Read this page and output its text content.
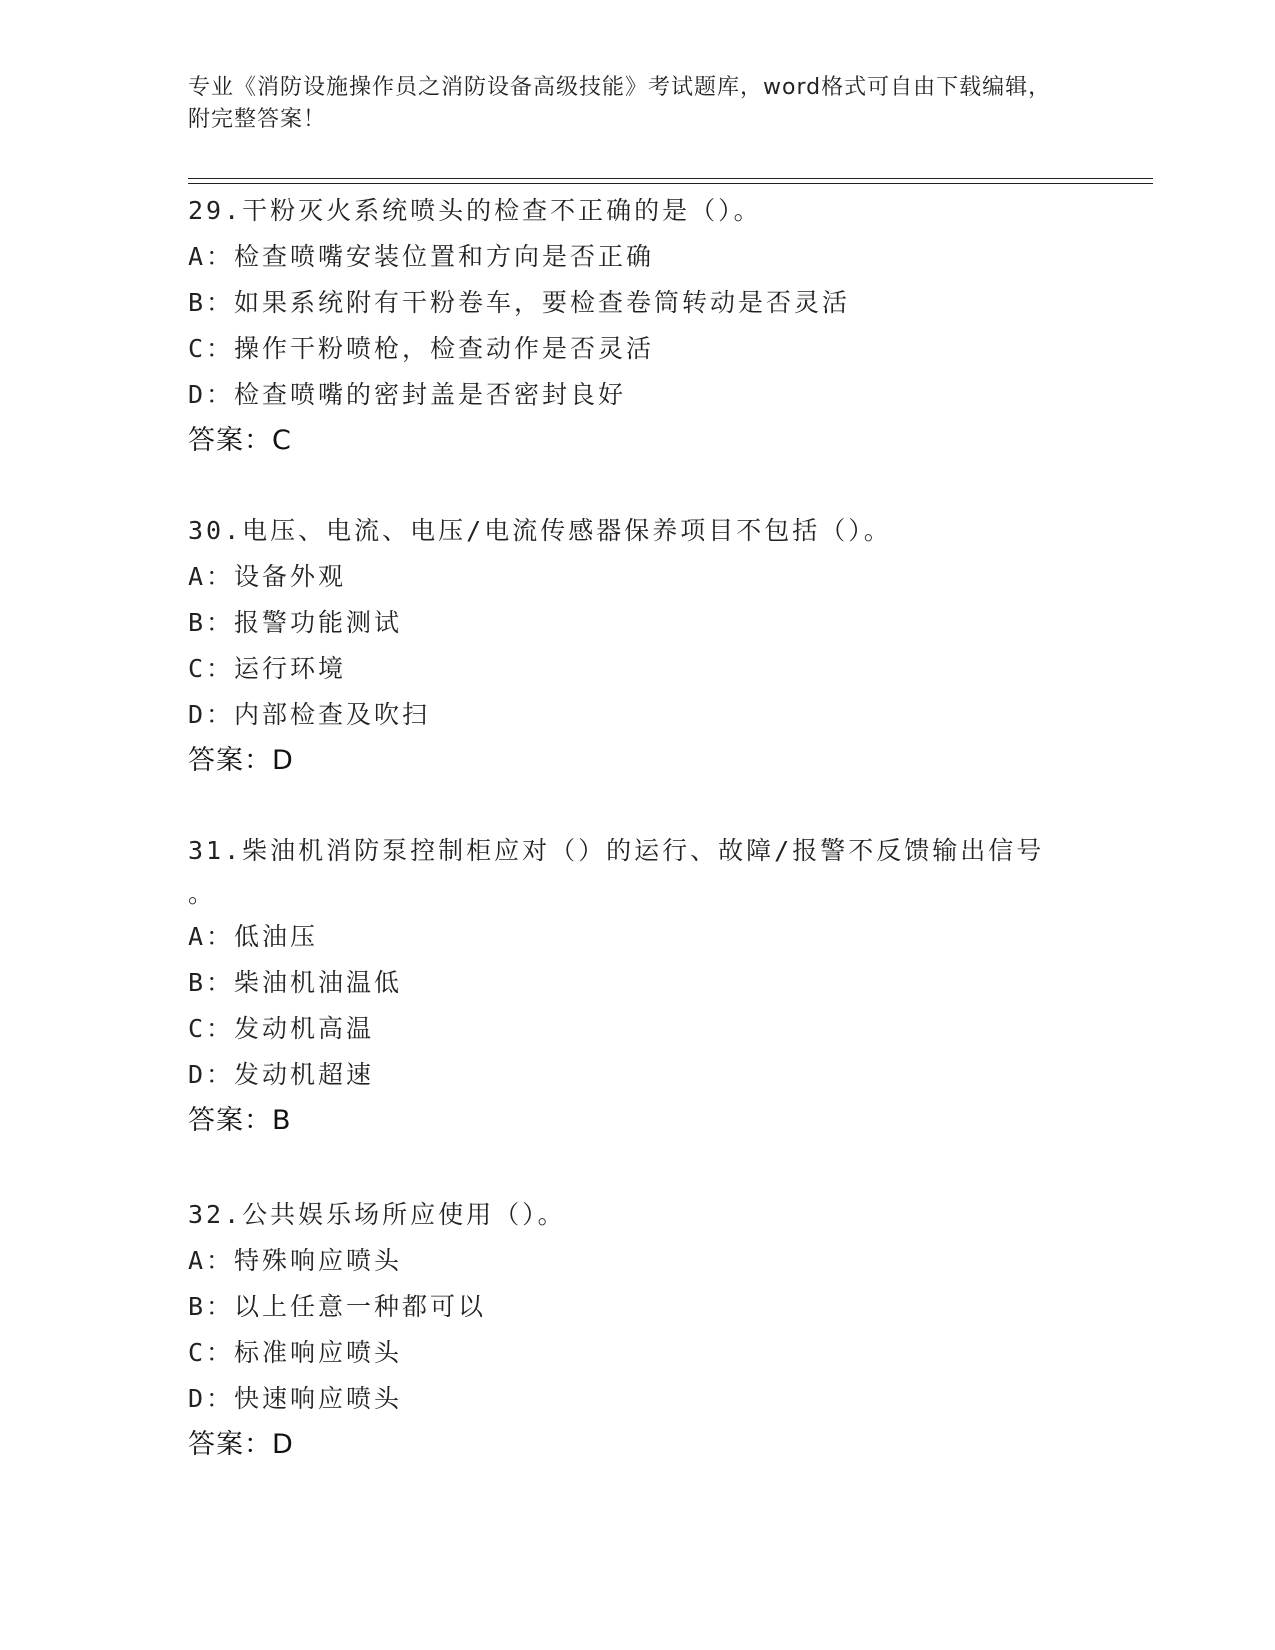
专业《消防设施操作员之消防设备高级技能》考试题库，word格式可自由下载编辑，附完整答案！
29.干粉灭火系统喷头的检查不正确的是（）。
A：检查喷嘴安装位置和方向是否正确
B：如果系统附有干粉卷车，要检查卷筒转动是否灵活
C：操作干粉喷枪，检查动作是否灵活
D：检查喷嘴的密封盖是否密封良好
答案：C
30.电压、电流、电压/电流传感器保养项目不包括（）。
A：设备外观
B：报警功能测试
C：运行环境
D：内部检查及吹扫
答案：D
31.柴油机消防泵控制柜应对（）的运行、故障/报警不反馈输出信号
。
A：低油压
B：柴油机油温低
C：发动机高温
D：发动机超速
答案：B
32.公共娱乐场所应使用（）。
A：特殊响应喷头
B：以上任意一种都可以
C：标准响应喷头
D：快速响应喷头
答案：D
